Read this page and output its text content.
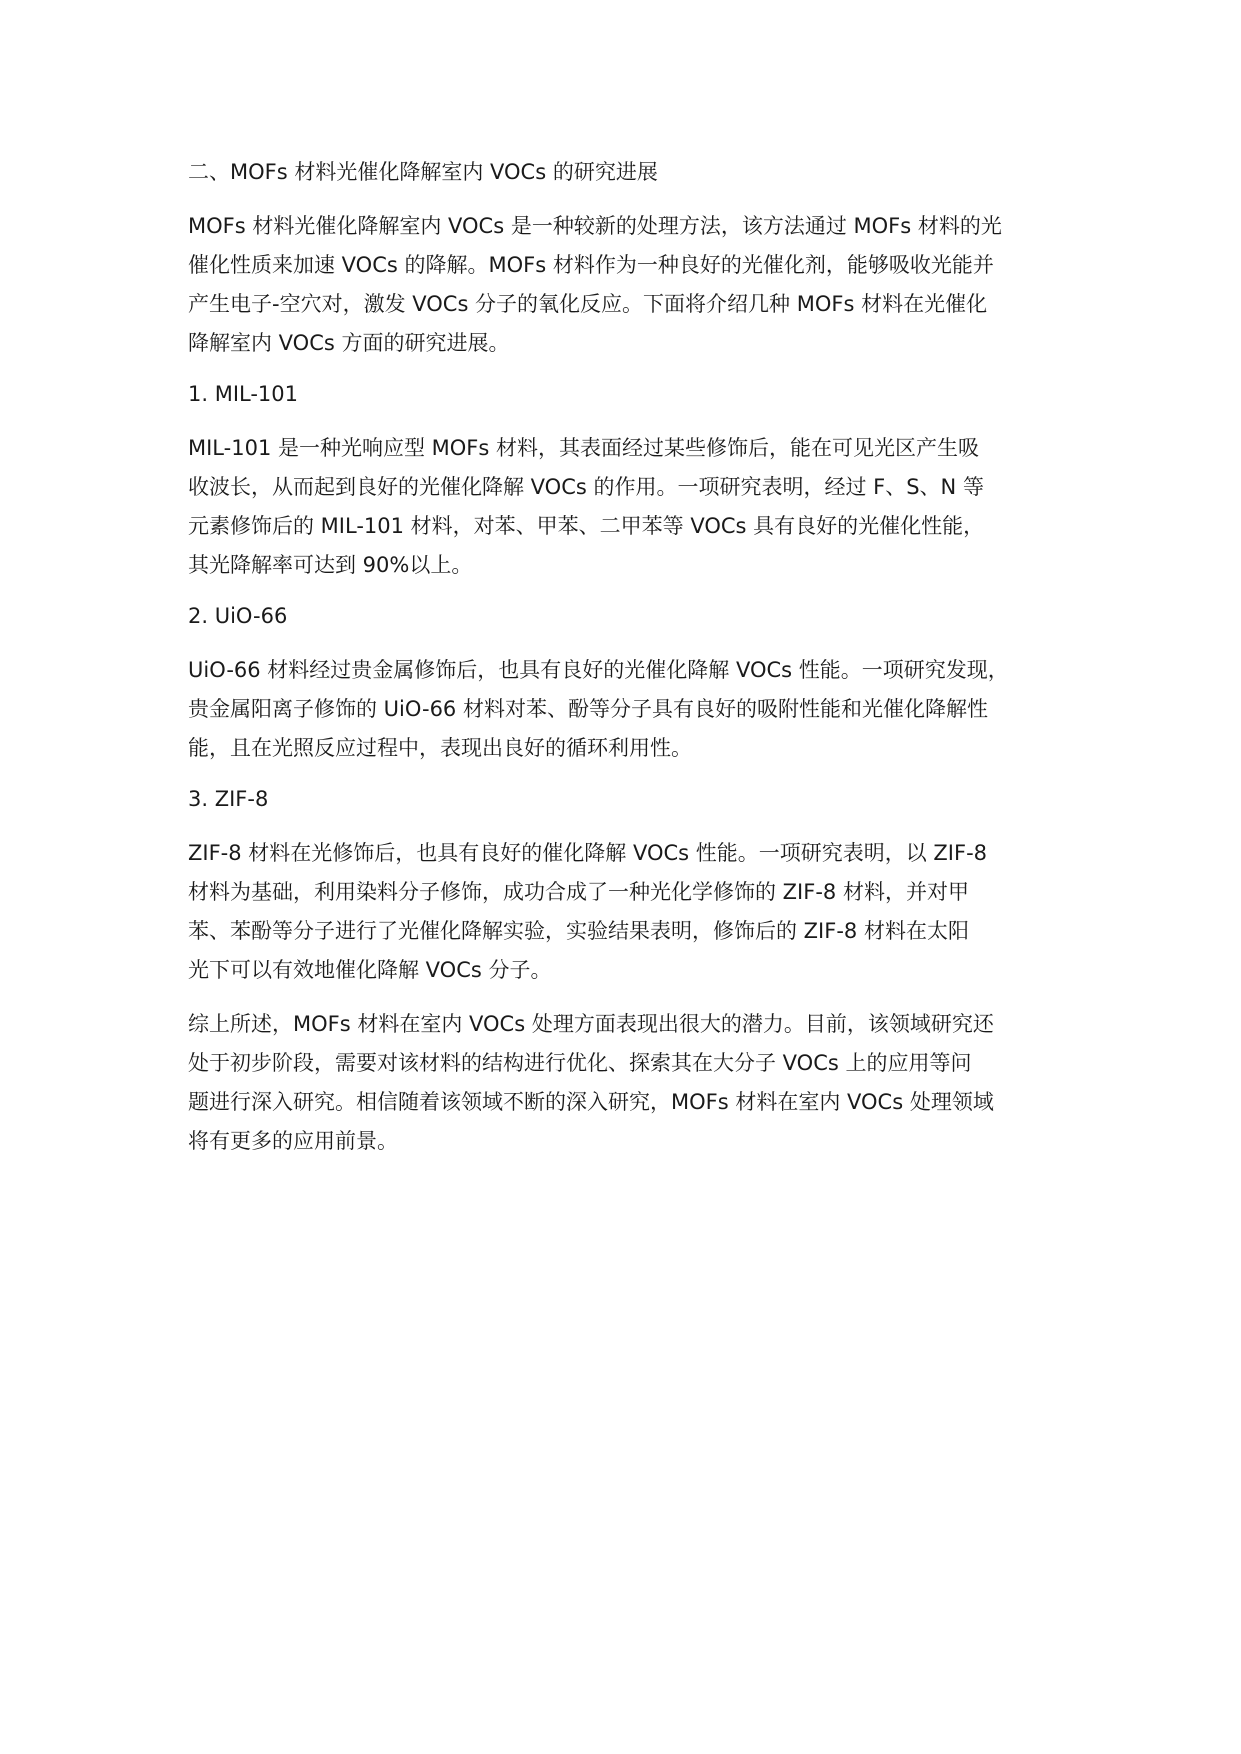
二、MOFs 材料光催化降解室内 VOCs 的研究进展
MOFs 材料光催化降解室内 VOCs 是一种较新的处理方法，该方法通过 MOFs 材料的光
催化性质来加速 VOCs 的降解。MOFs 材料作为一种良好的光催化剂，能够吸收光能并
产生电子-空穴对，激发 VOCs 分子的氧化反应。下面将介绍几种 MOFs 材料在光催化
降解室内 VOCs 方面的研究进展。
1. MIL-101
MIL-101 是一种光响应型 MOFs 材料，其表面经过某些修饰后，能在可见光区产生吸
收波长，从而起到良好的光催化降解 VOCs 的作用。一项研究表明，经过 F、S、N 等
元素修饰后的 MIL-101 材料，对苯、甲苯、二甲苯等 VOCs 具有良好的光催化性能，
其光降解率可达到 90%以上。
2. UiO-66
UiO-66 材料经过贵金属修饰后，也具有良好的光催化降解 VOCs 性能。一项研究发现，
贵金属阳离子修饰的 UiO-66 材料对苯、酚等分子具有良好的吸附性能和光催化降解性
能，且在光照反应过程中，表现出良好的循环利用性。
3. ZIF-8
ZIF-8 材料在光修饰后，也具有良好的催化降解 VOCs 性能。一项研究表明，以 ZIF-8
材料为基础，利用染料分子修饰，成功合成了一种光化学修饰的 ZIF-8 材料，并对甲
苯、苯酚等分子进行了光催化降解实验，实验结果表明，修饰后的 ZIF-8 材料在太阳
光下可以有效地催化降解 VOCs 分子。
综上所述，MOFs 材料在室内 VOCs 处理方面表现出很大的潜力。目前，该领域研究还
处于初步阶段，需要对该材料的结构进行优化、探索其在大分子 VOCs 上的应用等问
题进行深入研究。相信随着该领域不断的深入研究，MOFs 材料在室内 VOCs 处理领域
将有更多的应用前景。
